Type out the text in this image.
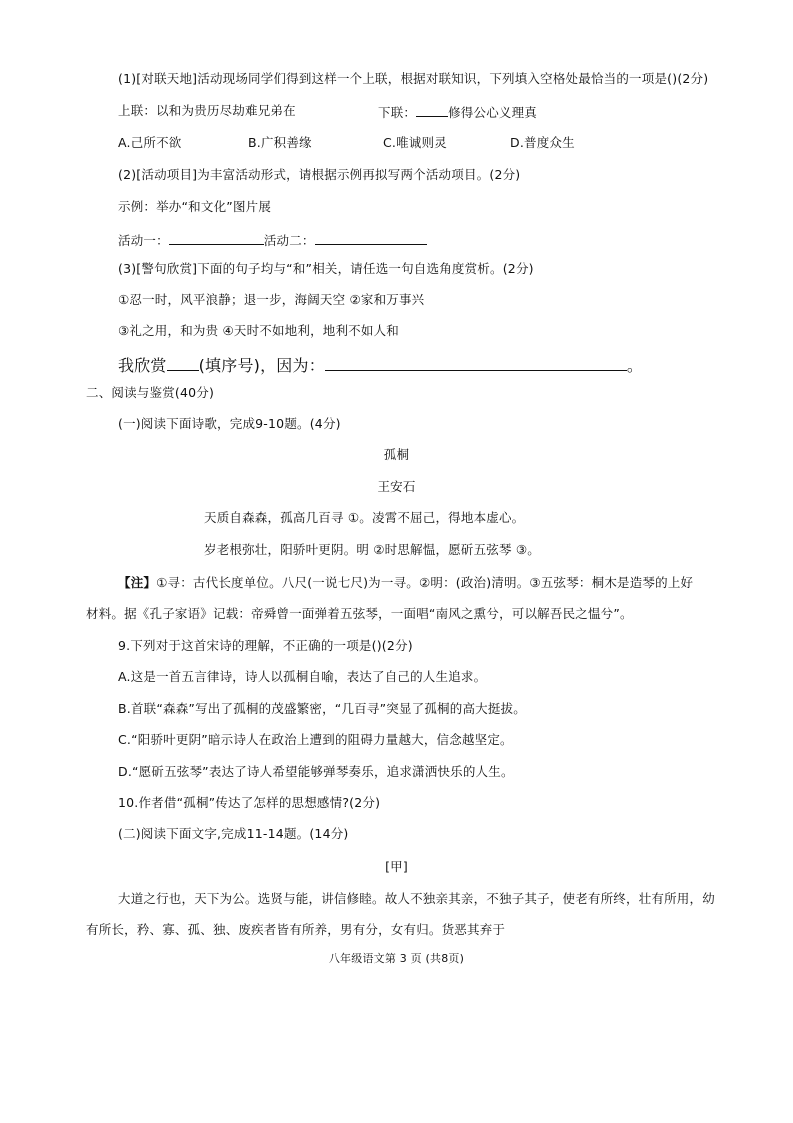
(1)[对联天地]活动现场同学们得到这样一个上联，根据对联知识，下列填入空格处最恰当的一项是()(2分)
上联：以和为贵历尽劫难兄弟在	下联：	修得公心义理真
A.己所不欲	B.广积善缘	C.唯诚则灵	D.普度众生
(2)[活动项目]为丰富活动形式，请根据示例再拟写两个活动项目。(2分)
示例：举办“和文化”图片展
活动一：	活动二：
(3)[警句欣赏]下面的句子均与“和”相关，请任选一句自选角度赏析。(2分)
①忍一时，风平浪静；退一步，海阔天空 ②家和万事兴
③礼之用，和为贵 ④天时不如地利，地利不如人和
我欣赏 (填序号)，因为：	。
二、阅读与鉴赏(40分)
(一)阅读下面诗歌，完成9-10题。(4分)
孤桐
王安石
天质自森森，孤高几百寻 ①。凌霄不屈己，得地本虚心。
岁老根弥壮，阳骄叶更阴。明 ②时思解愠，愿斫五弦琴 ③。
【注】①寻：古代长度单位。八尺(一说七尺)为一寻。②明：(政治)清明。③五弦琴：桐木是造琴的上好
材料。据《孔子家语》记载：帝舜曾一面弹着五弦琴，一面唱“南风之熏兮，可以解吾民之愠兮”。
9.下列对于这首宋诗的理解，不正确的一项是()(2分)
A.这是一首五言律诗，诗人以孤桐自喻，表达了自己的人生追求。
B.首联“森森”写出了孤桐的茂盛繁密，“几百寻”突显了孤桐的高大挺拔。
C.“阳骄叶更阴”暗示诗人在政治上遭到的阻碍力量越大，信念越坚定。
D.“愿斫五弦琴”表达了诗人希望能够弹琴奏乐，追求潇洒快乐的人生。
10.作者借“孤桐”传达了怎样的思想感情?(2分)
(二)阅读下面文字,完成11-14题。(14分)
[甲]
大道之行也，天下为公。选贤与能，讲信修睦。故人不独亲其亲，不独子其子，使老有所终，壮有所用，幼
有所长，矜、寡、孤、独、废疾者皆有所养，男有分，女有归。货恶其弃于
八年级语文第 3 页 (共8页)
